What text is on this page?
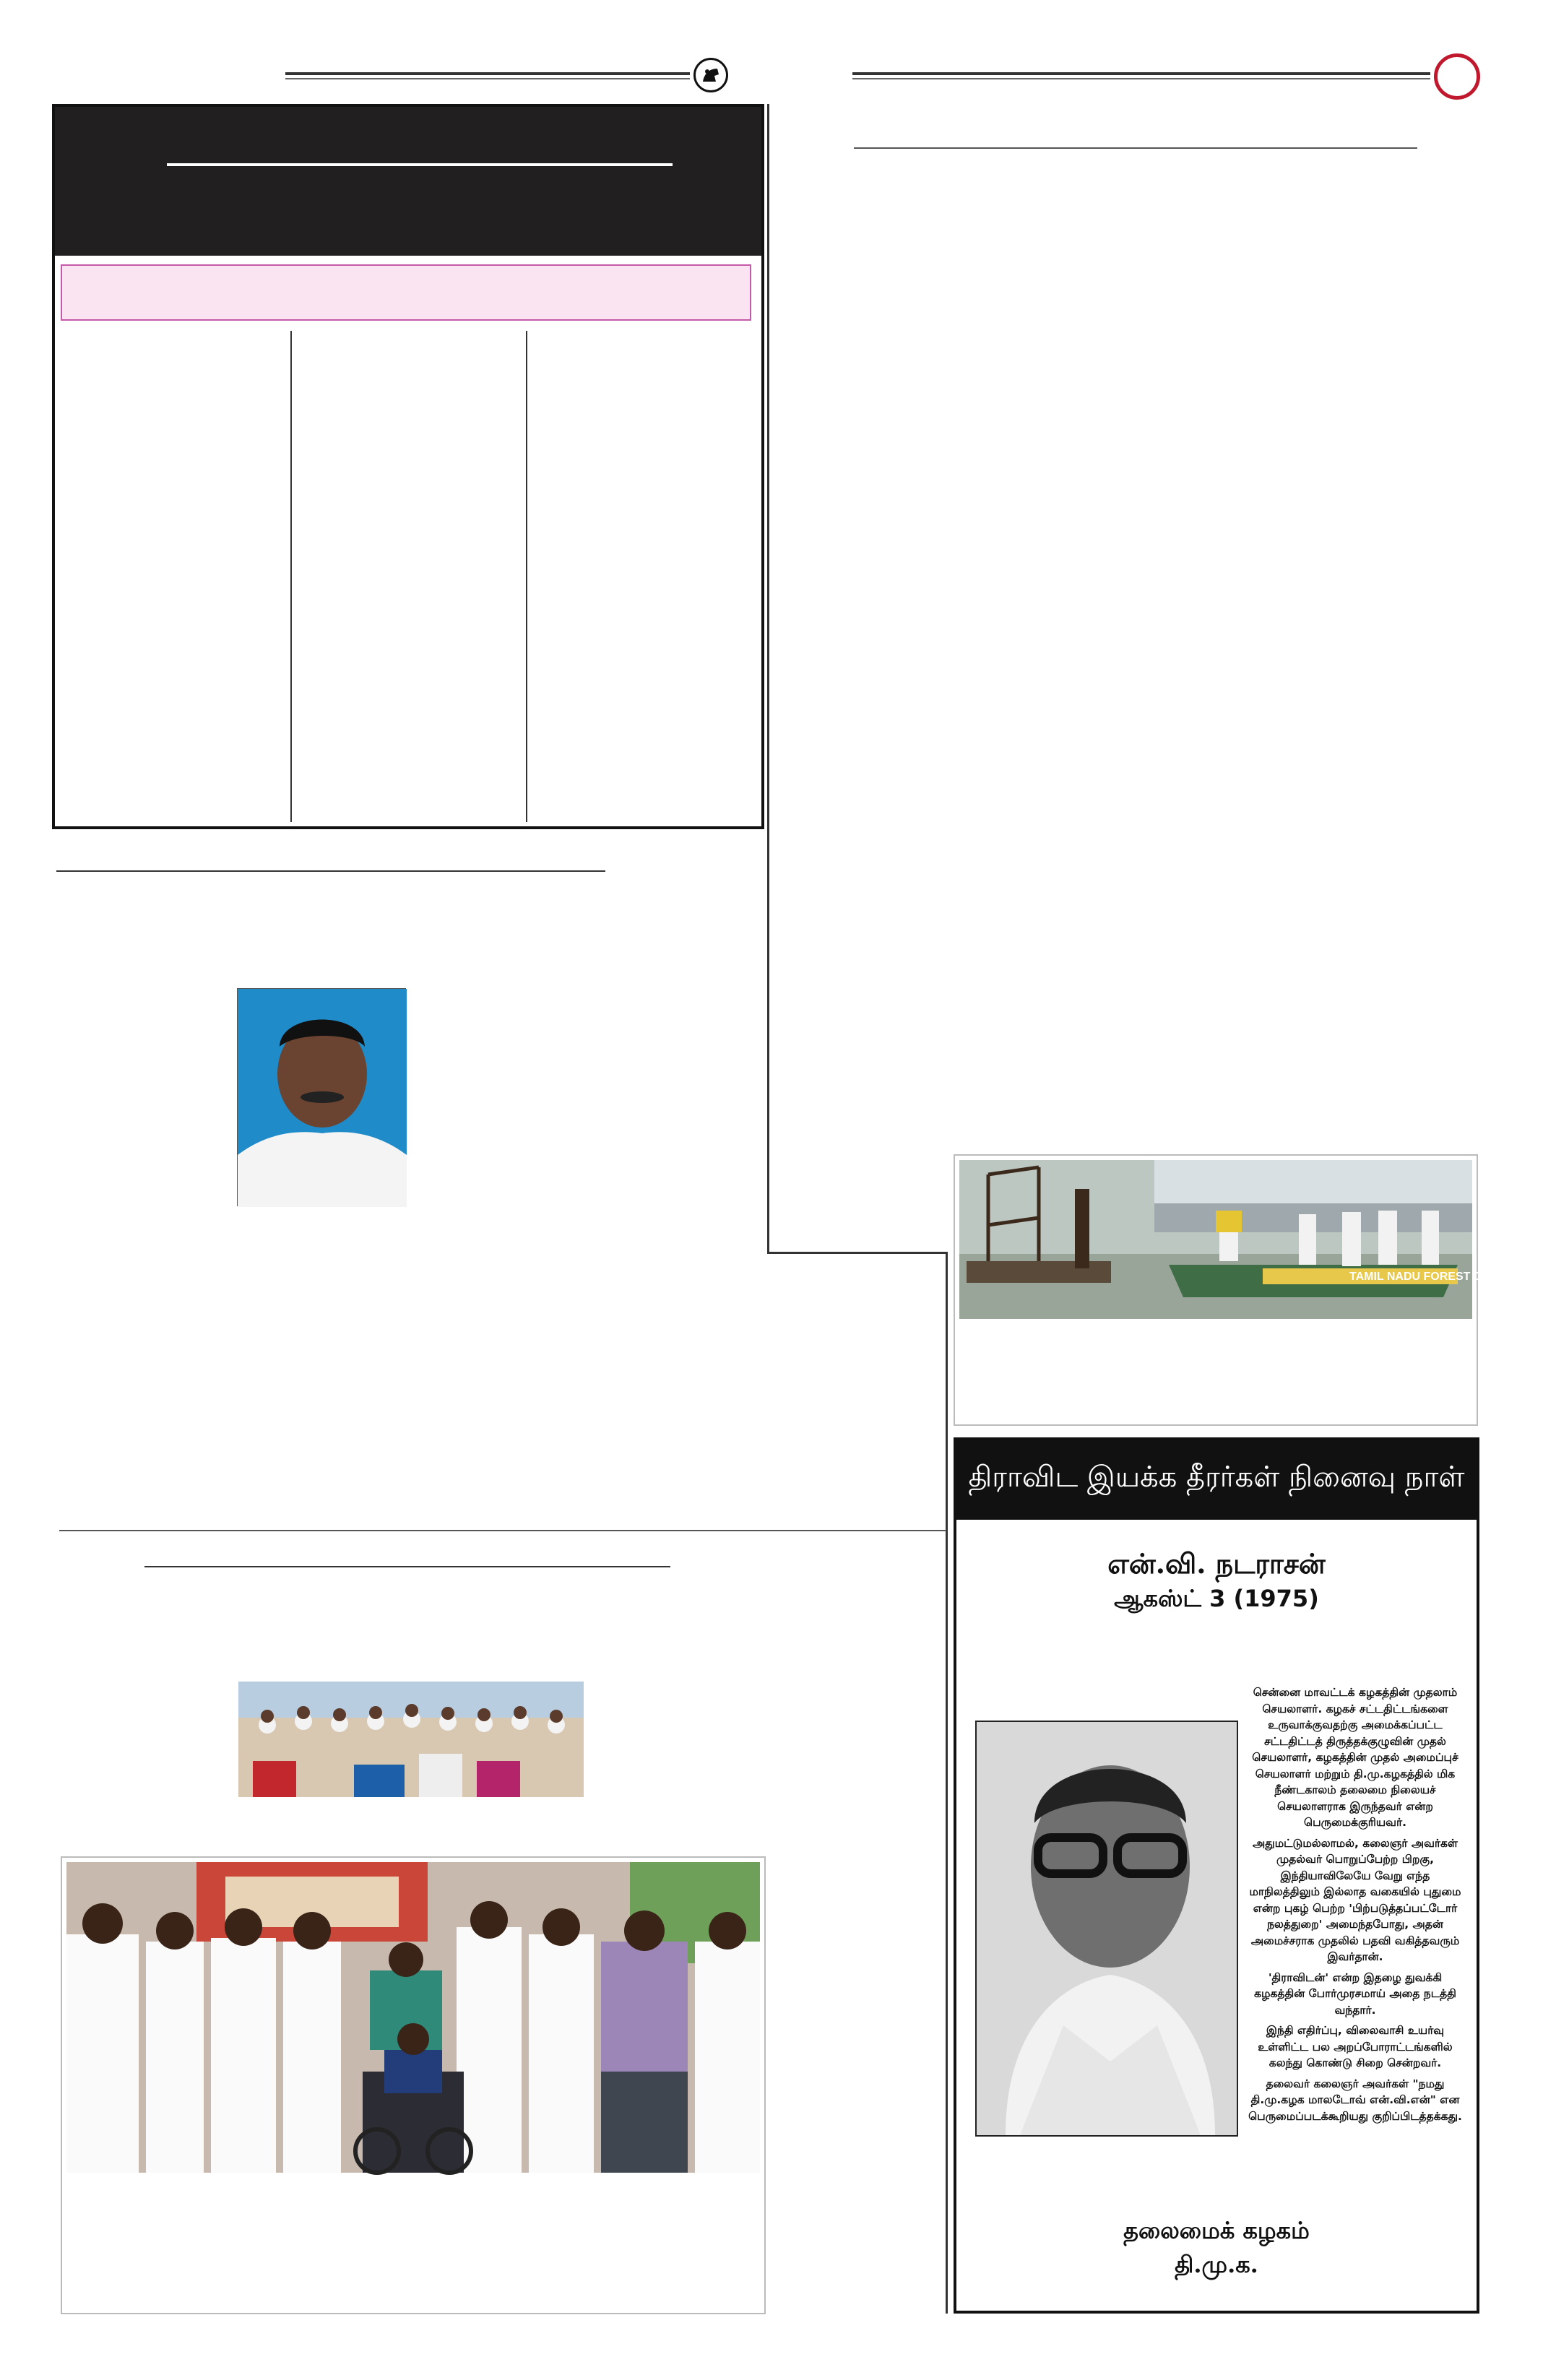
TAMIL NADU FOREST DE
திராவிட இயக்க தீரர்கள் நினைவு நாள்
என்.வி. நடராசன்
ஆகஸ்ட் 3 (1975)

சென்னை மாவட்டக் கழகத்தின் முதலாம் செயலாளர். கழகச் சட்டதிட்டங்களை உருவாக்குவதற்கு அமைக்கப்பட்ட சட்டதிட்டத் திருத்தக்குழுவின் முதல் செயலாளர், கழகத்தின் முதல் அமைப்புச் செயலாளர் மற்றும் தி.மு.கழகத்தில் மிக நீண்டகாலம் தலைமை நிலையச் செயலாளராக இருந்தவர் என்ற பெருமைக்குரியவர்.

அதுமட்டுமல்லாமல், கலைஞர் அவர்கள் முதல்வர் பொறுப்பேற்ற பிறகு, இந்தியாவிலேயே வேறு எந்த மாநிலத்திலும் இல்லாத வகையில் புதுமை என்ற புகழ் பெற்ற 'பிற்படுத்தப்பட்டோர் நலத்துறை' அமைந்தபோது, அதன் அமைச்சராக முதலில் பதவி வகித்தவரும் இவர்தான்.

'திராவிடன்' என்ற இதழை துவக்கி கழகத்தின் போர்முரசமாய் அதை நடத்தி வந்தார்.

இந்தி எதிர்ப்பு, விலைவாசி உயர்வு உள்ளிட்ட பல அறப்போராட்டங்களில் கலந்து கொண்டு சிறை சென்றவர்.

தலைவர் கலைஞர் அவர்கள் "நமது தி.மு.கழக மாலடோவ் என்.வி.என்" என பெருமைப்படக்கூறியது குறிப்பிடத்தக்கது.

தலைமைக் கழகம்
தி.மு.க.
